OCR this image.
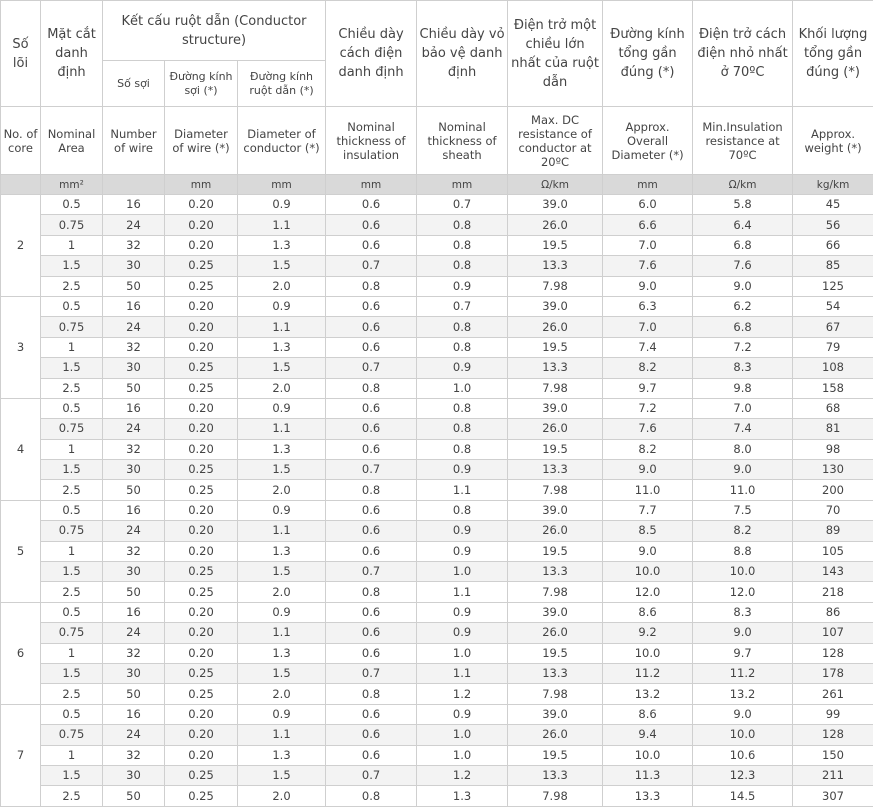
Số lõi	Mặt cắt danh định	Kết cấu ruột dẫn (Conductor structure)			Chiều dày cách điện danh định	Chiều dày vỏ bảo vệ danh định	Điện trở một chiều lớn nhất của ruột dẫn	Đường kính tổng gần đúng (*)	Điện trở cách điện nhỏ nhất ở 70ºC	Khối lượng tổng gần đúng (*)
		Số sợi	Đường kính sợi (*)	Đường kính ruột dẫn (*)						
No. of core	Nominal Area	Number of wire	Diameter of wire (*)	Diameter of conductor (*)	Nominal thickness of insulation	Nominal thickness of sheath	Max. DC resistance of conductor at 20ºC	Approx. Overall Diameter (*)	Min.Insulation resistance at 70ºC	Approx. weight (*)
	mm²		mm	mm	mm	mm	Ω/km	mm	Ω/km	kg/km
2	0.5	16	0.20	0.9	0.6	0.7	39.0	6.0	5.8	45
	0.75	24	0.20	1.1	0.6	0.8	26.0	6.6	6.4	56
	1	32	0.20	1.3	0.6	0.8	19.5	7.0	6.8	66
	1.5	30	0.25	1.5	0.7	0.8	13.3	7.6	7.6	85
	2.5	50	0.25	2.0	0.8	0.9	7.98	9.0	9.0	125
3	0.5	16	0.20	0.9	0.6	0.7	39.0	6.3	6.2	54
	0.75	24	0.20	1.1	0.6	0.8	26.0	7.0	6.8	67
	1	32	0.20	1.3	0.6	0.8	19.5	7.4	7.2	79
	1.5	30	0.25	1.5	0.7	0.9	13.3	8.2	8.3	108
	2.5	50	0.25	2.0	0.8	1.0	7.98	9.7	9.8	158
4	0.5	16	0.20	0.9	0.6	0.8	39.0	7.2	7.0	68
	0.75	24	0.20	1.1	0.6	0.8	26.0	7.6	7.4	81
	1	32	0.20	1.3	0.6	0.8	19.5	8.2	8.0	98
	1.5	30	0.25	1.5	0.7	0.9	13.3	9.0	9.0	130
	2.5	50	0.25	2.0	0.8	1.1	7.98	11.0	11.0	200
5	0.5	16	0.20	0.9	0.6	0.8	39.0	7.7	7.5	70
	0.75	24	0.20	1.1	0.6	0.9	26.0	8.5	8.2	89
	1	32	0.20	1.3	0.6	0.9	19.5	9.0	8.8	105
	1.5	30	0.25	1.5	0.7	1.0	13.3	10.0	10.0	143
	2.5	50	0.25	2.0	0.8	1.1	7.98	12.0	12.0	218
6	0.5	16	0.20	0.9	0.6	0.9	39.0	8.6	8.3	86
	0.75	24	0.20	1.1	0.6	0.9	26.0	9.2	9.0	107
	1	32	0.20	1.3	0.6	1.0	19.5	10.0	9.7	128
	1.5	30	0.25	1.5	0.7	1.1	13.3	11.2	11.2	178
	2.5	50	0.25	2.0	0.8	1.2	7.98	13.2	13.2	261
7	0.5	16	0.20	0.9	0.6	0.9	39.0	8.6	9.0	99
	0.75	24	0.20	1.1	0.6	1.0	26.0	9.4	10.0	128
	1	32	0.20	1.3	0.6	1.0	19.5	10.0	10.6	150
	1.5	30	0.25	1.5	0.7	1.2	13.3	11.3	12.3	211
	2.5	50	0.25	2.0	0.8	1.3	7.98	13.3	14.5	307
